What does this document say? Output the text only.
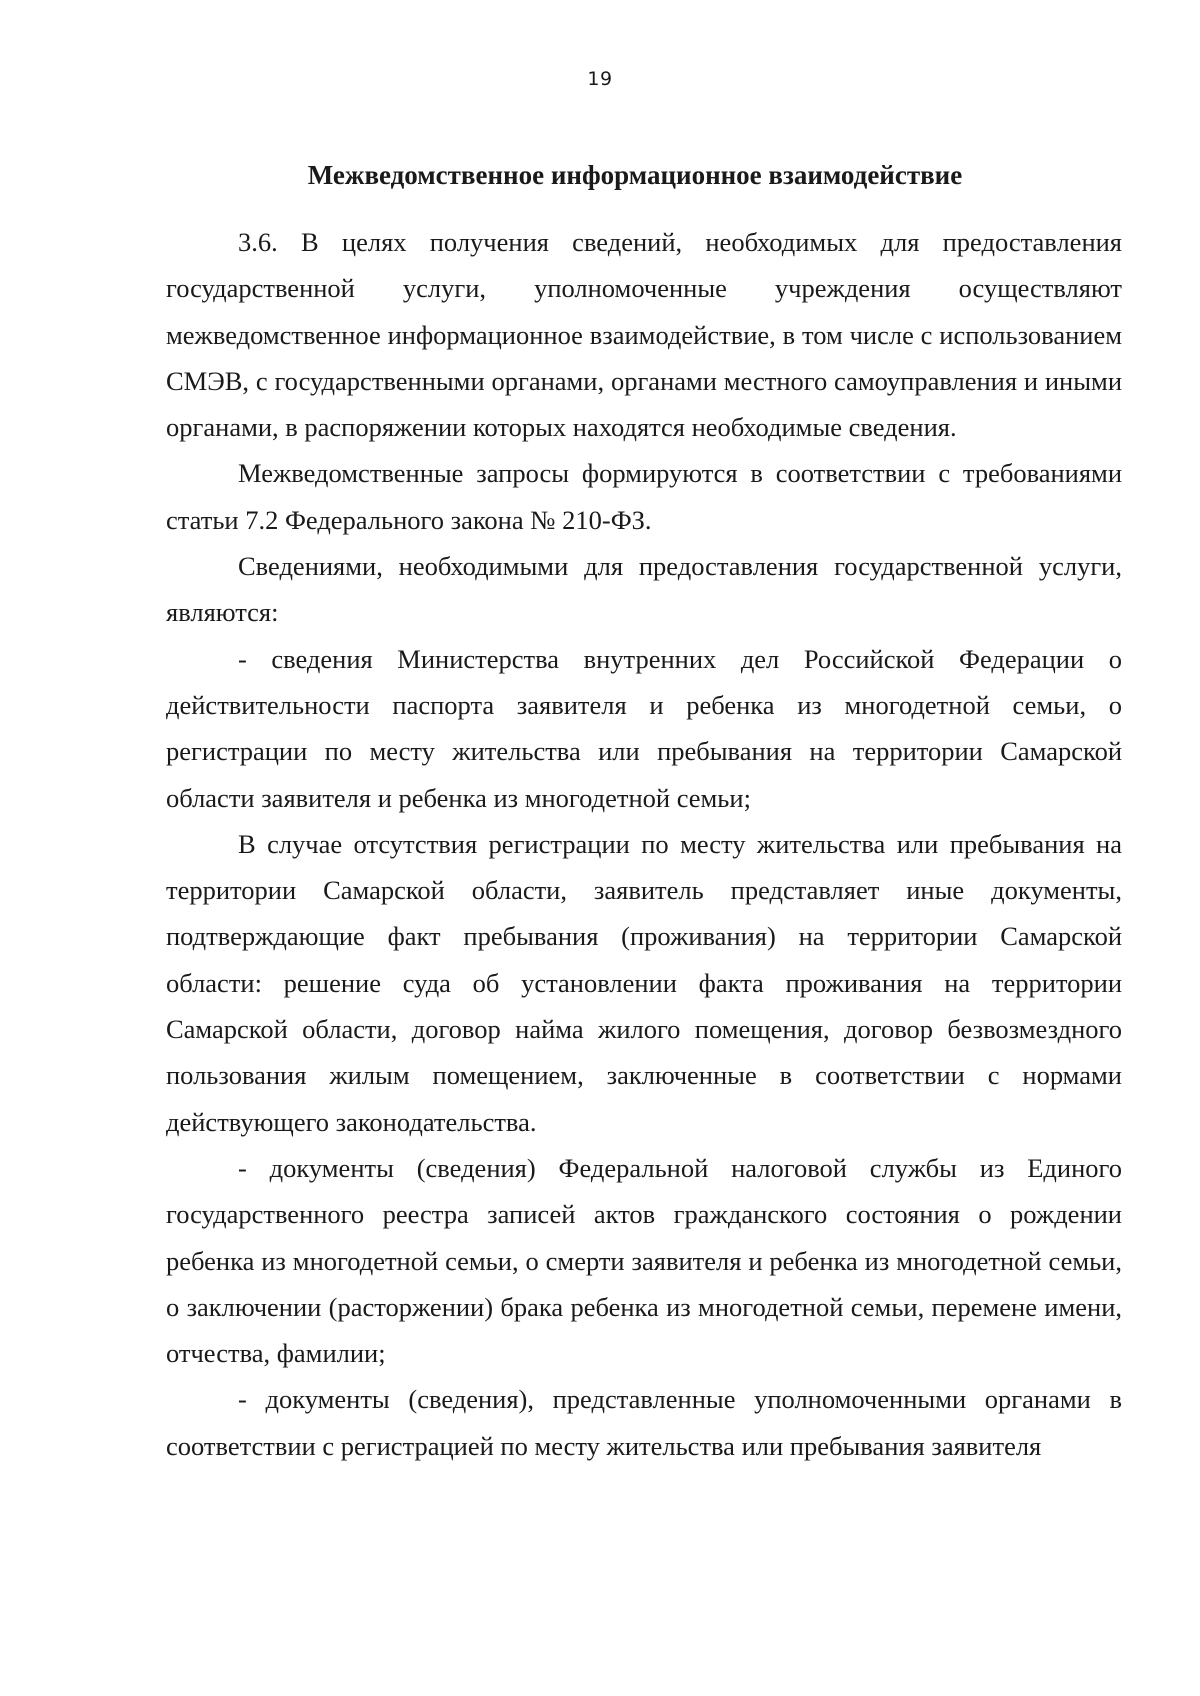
19
Межведомственное информационное взаимодействие

3.6. В целях получения сведений, необходимых для предоставления государственной услуги, уполномоченные учреждения осуществляют межведомственное информационное взаимодействие, в том числе с использованием СМЭВ, с государственными органами, органами местного самоуправления и иными органами, в распоряжении которых находятся необходимые сведения.

Межведомственные запросы формируются в соответствии с требованиями статьи 7.2 Федерального закона № 210-ФЗ.

Сведениями, необходимыми для предоставления государственной услуги, являются:

- сведения Министерства внутренних дел Российской Федерации о действительности паспорта заявителя и ребенка из многодетной семьи, о регистрации по месту жительства или пребывания на территории Самарской области заявителя и ребенка из многодетной семьи;

В случае отсутствия регистрации по месту жительства или пребывания на территории Самарской области, заявитель представляет иные документы, подтверждающие факт пребывания (проживания) на территории Самарской области: решение суда об установлении факта проживания на территории Самарской области, договор найма жилого помещения, договор безвозмездного пользования жилым помещением, заключенные в соответствии с нормами действующего законодательства.

- документы (сведения) Федеральной налоговой службы из Единого государственного реестра записей актов гражданского состояния о рождении ребенка из многодетной семьи, о смерти заявителя и ребенка из многодетной семьи, о заключении (расторжении) брака ребенка из многодетной семьи, перемене имени, отчества, фамилии;

- документы (сведения), представленные уполномоченными органами в соответствии с регистрацией по месту жительства или пребывания заявителя
